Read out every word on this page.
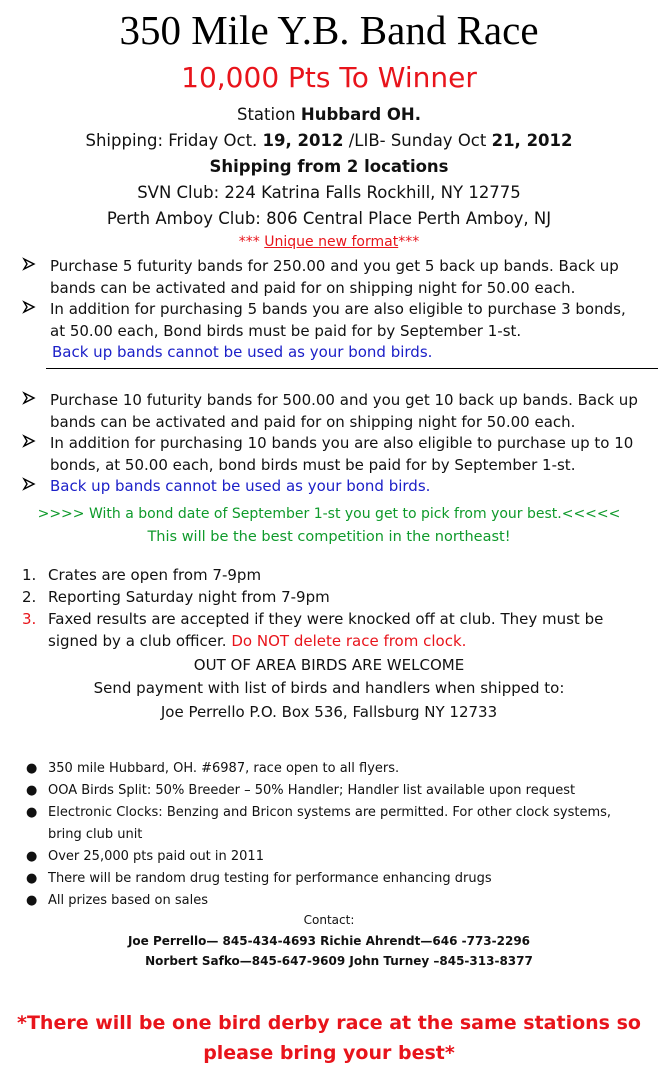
350 Mile Y.B. Band Race
10,000 Pts To Winner
Station Hubbard OH.
Shipping: Friday Oct. 19, 2012 /LIB- Sunday Oct 21, 2012
Shipping from 2 locations
SVN Club: 224 Katrina Falls Rockhill, NY 12775
Perth Amboy Club: 806 Central Place Perth Amboy, NJ
*** Unique new format***
Purchase 5 futurity bands for 250.00 and you get 5 back up bands. Back up bands can be activated and paid for on shipping night for 50.00 each.
In addition for purchasing 5 bands you are also eligible to purchase 3 bonds, at 50.00 each, Bond birds must be paid for by September 1-st.
Back up bands cannot be used as your bond birds.
Purchase 10 futurity bands for 500.00 and you get 10 back up bands. Back up bands can be activated and paid for on shipping night for 50.00 each.
In addition for purchasing 10 bands you are also eligible to purchase up to 10 bonds, at 50.00 each, bond birds must be paid for by September 1-st.
Back up bands cannot be used as your bond birds.
>>>> With a bond date of September 1-st you get to pick from your best.<<<<<
This will be the best competition in the northeast!
1. Crates are open from 7-9pm
2. Reporting Saturday night from 7-9pm
3. Faxed results are accepted if they were knocked off at club. They must be signed by a club officer. Do NOT delete race from clock.
OUT OF AREA BIRDS ARE WELCOME
Send payment with list of birds and handlers when shipped to:
Joe Perrello P.O. Box 536, Fallsburg NY 12733
● 350 mile Hubbard, OH. #6987, race open to all flyers.
● OOA Birds Split: 50% Breeder – 50% Handler; Handler list available upon request
● Electronic Clocks: Benzing and Bricon systems are permitted. For other clock systems, bring club unit
● Over 25,000 pts paid out in 2011
● There will be random drug testing for performance enhancing drugs
● All prizes based on sales
Contact:
Joe Perrello— 845-434-4693 Richie Ahrendt—646 -773-2296
Norbert Safko—845-647-9609 John Turney –845-313-8377
*There will be one bird derby race at the same stations so please bring your best*
